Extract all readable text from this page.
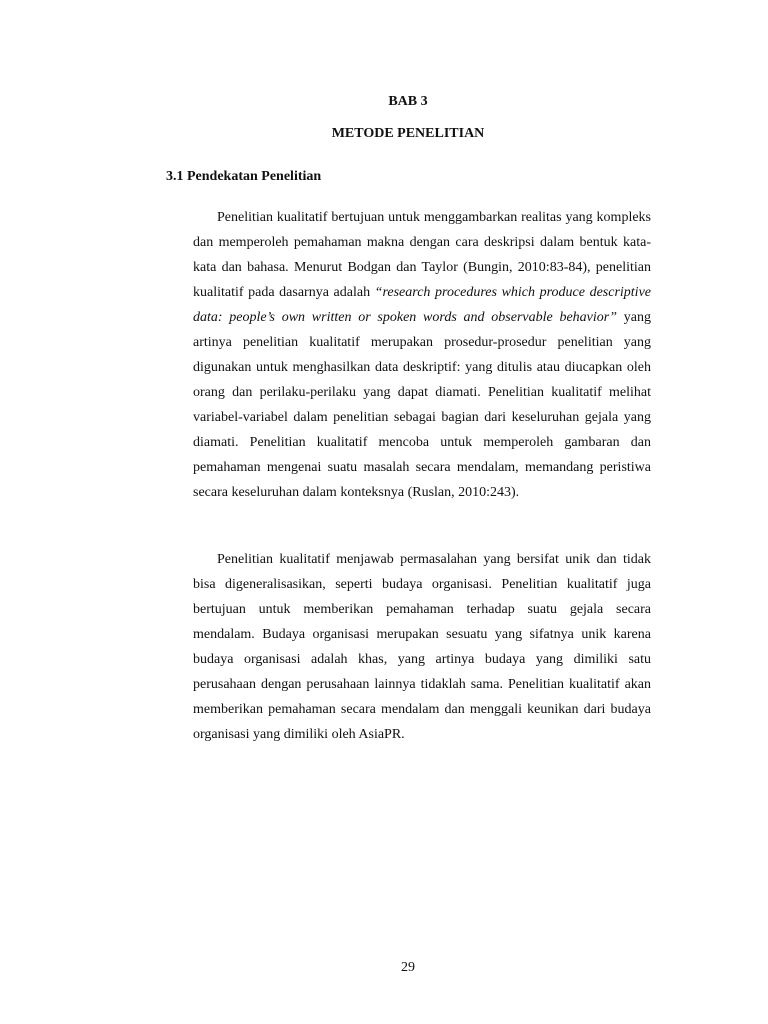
BAB 3
METODE PENELITIAN
3.1 Pendekatan Penelitian

Penelitian kualitatif bertujuan untuk menggambarkan realitas yang kompleks dan memperoleh pemahaman makna dengan cara deskripsi dalam bentuk kata-kata dan bahasa. Menurut Bodgan dan Taylor (Bungin, 2010:83-84), penelitian kualitatif pada dasarnya adalah “research procedures which produce descriptive data: people’s own written or spoken words and observable behavior” yang artinya penelitian kualitatif merupakan prosedur-prosedur penelitian yang digunakan untuk menghasilkan data deskriptif: yang ditulis atau diucapkan oleh orang dan perilaku-perilaku yang dapat diamati. Penelitian kualitatif melihat variabel-variabel dalam penelitian sebagai bagian dari keseluruhan gejala yang diamati. Penelitian kualitatif mencoba untuk memperoleh gambaran dan pemahaman mengenai suatu masalah secara mendalam, memandang peristiwa secara keseluruhan dalam konteksnya (Ruslan, 2010:243).

Penelitian kualitatif menjawab permasalahan yang bersifat unik dan tidak bisa digeneralisasikan, seperti budaya organisasi. Penelitian kualitatif juga bertujuan untuk memberikan pemahaman terhadap suatu gejala secara mendalam. Budaya organisasi merupakan sesuatu yang sifatnya unik karena budaya organisasi adalah khas, yang artinya budaya yang dimiliki satu perusahaan dengan perusahaan lainnya tidaklah sama. Penelitian kualitatif akan memberikan pemahaman secara mendalam dan menggali keunikan dari budaya organisasi yang dimiliki oleh AsiaPR.

29
